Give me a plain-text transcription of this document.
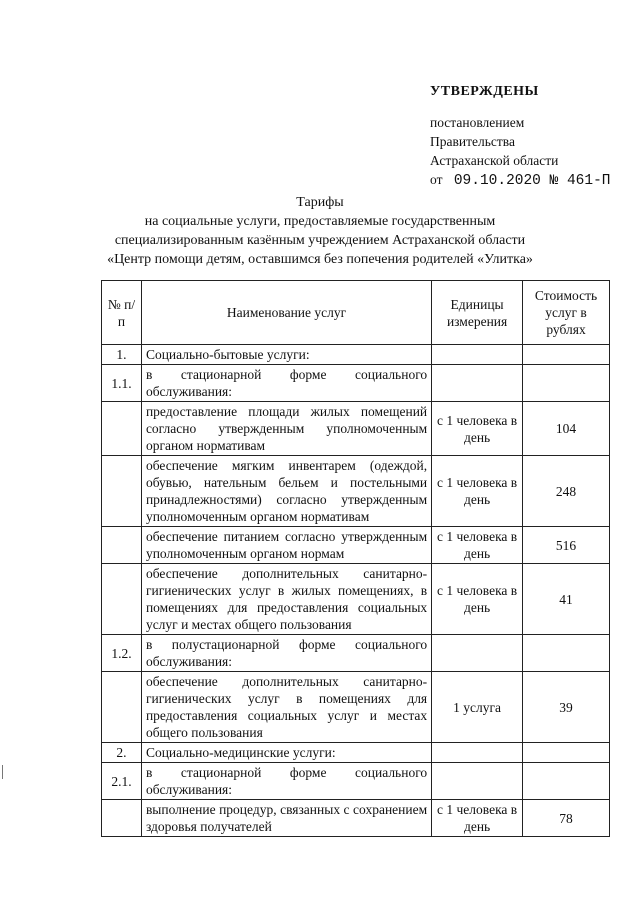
УТВЕРЖДЕНЫ
постановлением
Правительства
Астраханской области
от 09.10.2020 № 461-П
Тарифы
на социальные услуги, предоставляемые государственным
специализированным казённым учреждением Астраханской области
«Центр помощи детям, оставшимся без попечения родителей «Улитка»
№ п/п	Наименование услуг	Единицы измерения	Стоимость услуг в рублях
1.	Социально-бытовые услуги:		
1.1.	в стационарной форме социального обслуживания:		
	предоставление площади жилых помещений согласно утвержденным уполномоченным органом нормативам	с 1 человека в день	104
	обеспечение мягким инвентарем (одеждой, обувью, нательным бельем и постельными принадлежностями) согласно утвержденным уполномоченным органом нормативам	с 1 человека в день	248
	обеспечение питанием согласно утвержденным уполномоченным органом нормам	с 1 человека в день	516
	обеспечение дополнительных санитарно-гигиенических услуг в жилых помещениях, в помещениях для предоставления социальных услуг и местах общего пользования	с 1 человека в день	41
1.2.	в полустационарной форме социального обслуживания:		
	обеспечение дополнительных санитарно-гигиенических услуг в помещениях для предоставления социальных услуг и местах общего пользования	1 услуга	39
2.	Социально-медицинские услуги:		
2.1.	в стационарной форме социального обслуживания:		
	выполнение процедур, связанных с сохранением здоровья получателей	с 1 человека в день	78
